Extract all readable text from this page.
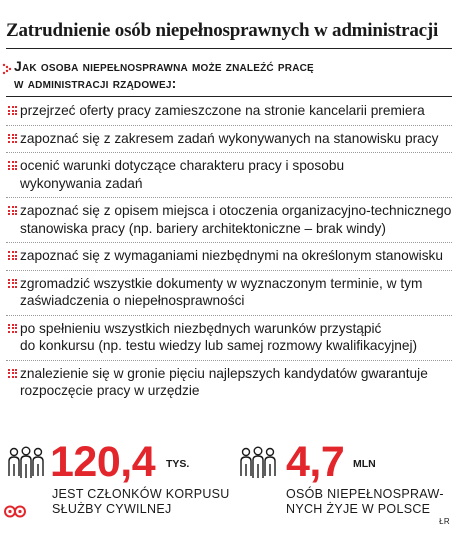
Zatrudnienie osób niepełnosprawnych w administracji
Jak osoba niepełnosprawna może znaleźć pracę
w administracji rządowej:
przejrzeć oferty pracy zamieszczone na stronie kancelarii premiera
zapoznać się z zakresem zadań wykonywanych na stanowisku pracy
ocenić warunki dotyczące charakteru pracy i sposobu
wykonywania zadań
zapoznać się z opisem miejsca i otoczenia organizacyjno-technicznego
stanowiska pracy (np. bariery architektoniczne – brak windy)
zapoznać się z wymaganiami niezbędnymi na określonym stanowisku
zgromadzić wszystkie dokumenty w wyznaczonym terminie, w tym
zaświadczenia o niepełnosprawności
po spełnieniu wszystkich niezbędnych warunków przystąpić
do konkursu (np. testu wiedzy lub samej rozmowy kwalifikacyjnej)
znalezienie się w gronie pięciu najlepszych kandydatów gwarantuje
rozpoczęcie pracy w urzędzie
120,4 TYS.
JEST CZŁONKÓW KORPUSU
SŁUŻBY CYWILNEJ
4,7 MLN
OSÓB NIEPEŁNOSPRAW-
NYCH ŻYJE W POLSCE
ŁR
